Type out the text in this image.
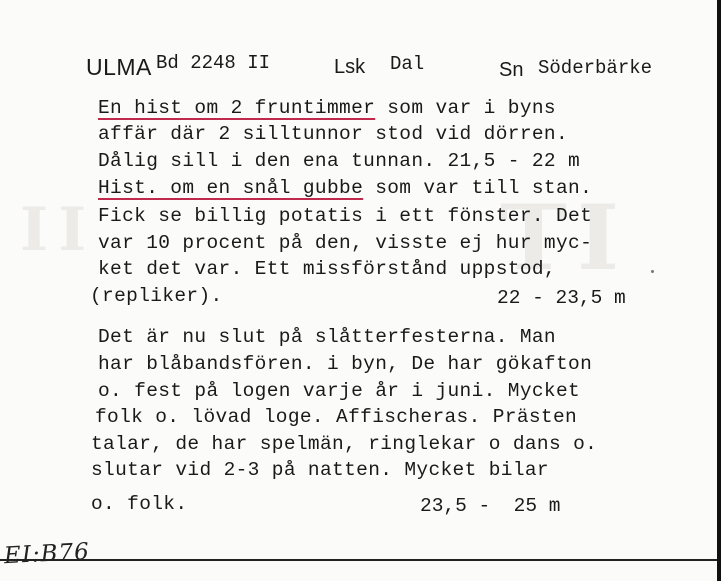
TI
II
ULMA Bd 2248 II	Lsk Dal	Sn Söderbärke
En hist om 2 fruntimmer som var i byns
affär där 2 silltunnor stod vid dörren.
Dålig sill i den ena tunnan. 21,5 - 22 m
Hist. om en snål gubbe som var till stan.
Fick se billig potatis i ett fönster. Det
var 10 procent på den, visste ej hur myc-
ket det var. Ett missförstånd uppstod,
(repliker).	22 - 23,5 m
Det är nu slut på slåtterfesterna. Man
har blåbandsfören. i byn, De har gökafton
o. fest på logen varje år i juni. Mycket
folk o. lövad loge. Affischeras. Prästen
talar, de har spelmän, ringlekar o dans o.
slutar vid 2-3 på natten. Mycket bilar
o. folk.	23,5 -  25 m
EI:B76
